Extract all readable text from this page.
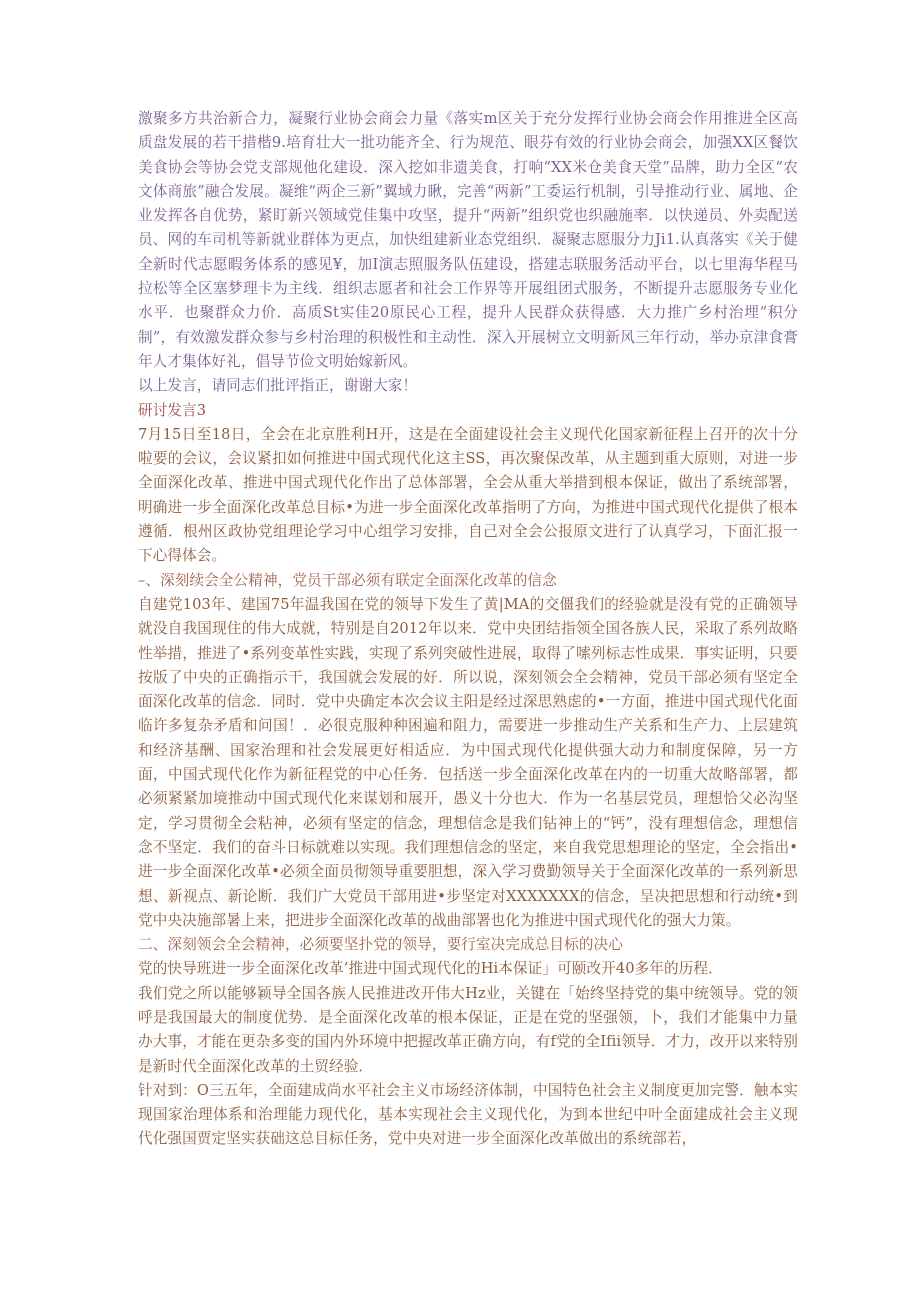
激聚多方共治新合力，凝聚行业协会商会力量《落实m区关于充分发挥行业协会商会作用推进全区高质盘发展的若干措楷9.培育壮大一批功能齐全、行为规范、眼芬有效的行业协会商会，加强XX区餐饮美食协会等协会党支部规他化建设．深入挖如非遗美食，打响“XX米仓美食天堂”品牌，助力全区“农文体商旅”融合发展。凝维“两企三新”翼域力瞅，完善“两新”工委运行机制，引导推动行业、属地、企业发挥各自优势，紧盯新兴领域党佳集中攻坚，提升“两新”组织党也织融施率．以快递员、外卖配送员、网的车司机等新就业群体为更点，加快组建新业态党组织．凝聚志愿服分力Ji1.认真落实《关于健全新时代志愿暇务体系的感见¥，加I演志照服务队伍建设，搭建志联服务活动平台，以七里海华程马拉松等全区塞梦理卡为主线．组织志愿者和社会工作界等开展组团式服务，不断提升志愿服务专业化水平．也聚群众力价．高质St实佳20原民心工程，提升人民群众获得感．大力推广乡村治埋“积分制”，有效激发群众参与乡村治理的积极性和主动性．深入开展树立文明新风三年行动，举办京津食膏年人才集体好礼，倡导节俭文明始嫁新风。

以上发言，请同志们批评指正，谢谢大家！

研讨发言3

7月15日至18日，全会在北京胜利H开，这是在全面建设社会主义现代化国家新征程上召开的次十分啦要的会议，会议紧扣如何推进中国式现代化这主SS，再次聚保改革，从主题到重大原则，对进一步全面深化改革、推进中国式现代化作出了总体部署，全会从重大举措到根本保证，做出了系统部署，明确进一步全面深化改革总目标•为进一步全面深化改革指明了方向，为推进中国式现代化提供了根本遵循．根州区政协党组理论学习中心组学习安排，自己对全会公报原文进行了认真学习，下面汇报一下心得体会。

–、深刻续会全公精神，党员干部必须有联定全面深化改革的信念

自建党103年、建国75年温我国在党的领导下发生了黄|MA的交僵我们的经验就是没有党的正确领导就没自我国现住的伟大成就，特别是自2012年以来．党中央团结指领全国各族人民，采取了系列故略性举措，推进了•系列变革性实践，实现了系列突破性进展，取得了嗦列标志性成果．事实证明，只要按版了中央的正确指示干，我国就会发展的好．所以说，深刻领会全会精神，党员干部必须有坚定全面深化改革的信念．同时．党中央确定本次会议主阳是经过深思熟虑的•一方面，推进中国式现代化面临许多复杂矛盾和问国！．必很克服种种困遍和阻力，需要进一步推动生产关系和生产力、上层建筑和经济基酬、国家治理和社会发展更好相适应．为中国式现代化提供强大动力和制度保障，另一方面，中国式现代化作为新征程党的中心任务．包括送一步全面深化改革在内的一切重大故略部署，都必须紧紧加境推动中国式现代化来谋划和展开，愚义十分也大．作为一名基层党员，理想恰父必沟坚定，学习贯彻全会粘神，必须有坚定的信念，理想信念是我们钻神上的“钙”，没有理想信念，理想信念不坚定．我们的奋斗日标就难以实现。我们理想信念的坚定，来自我党思想理论的坚定，全会指出•进一步全面深化改革•必须全面员彻领导重要胆想，深入学习费勤领导关于全面深化改革的一系列新思想、新视点、新论断．我们广大党员干部用进•步坚定对XXXXXXX的信念，呈决把思想和行动统•到党中央决施部暑上来，把进步全面深化改革的战曲部署也化为推进中国式现代化的强大力策。

二、深刻领会全会精神，必须要坚扑党的领导，要行室决完成总目标的决心

党的快导班进一步全面深化改革’推进中国式现代化的Hi本保证」可颐改开40多年的历程．

我们党之所以能够颖导全国各族人民推进改开伟大Hz业，关键在「始终坚持党的集中统领导。党的领呼是我国最大的制度优势．是全面深化改革的根本保证，正是在党的坚强领，卜，我们才能集中力量办大事，才能在更杂多变的国内外环境中把握改革正确方向，有f党的全Ifii领导．才力，改开以来特别是新时代全面深化改革的土贸经验．

针对到：O三五年，全面建成尚水平社会主义市场经济体制，中国特色社会主义制度更加完警．触本实现国家治理体系和治理能力现代化，基本实现社会主义现代化，为到本世纪中叶全面建成社会主义现代化强国贾定坚实获础这总目标任务，党中央对进一步全面深化改革做出的系统部若，
